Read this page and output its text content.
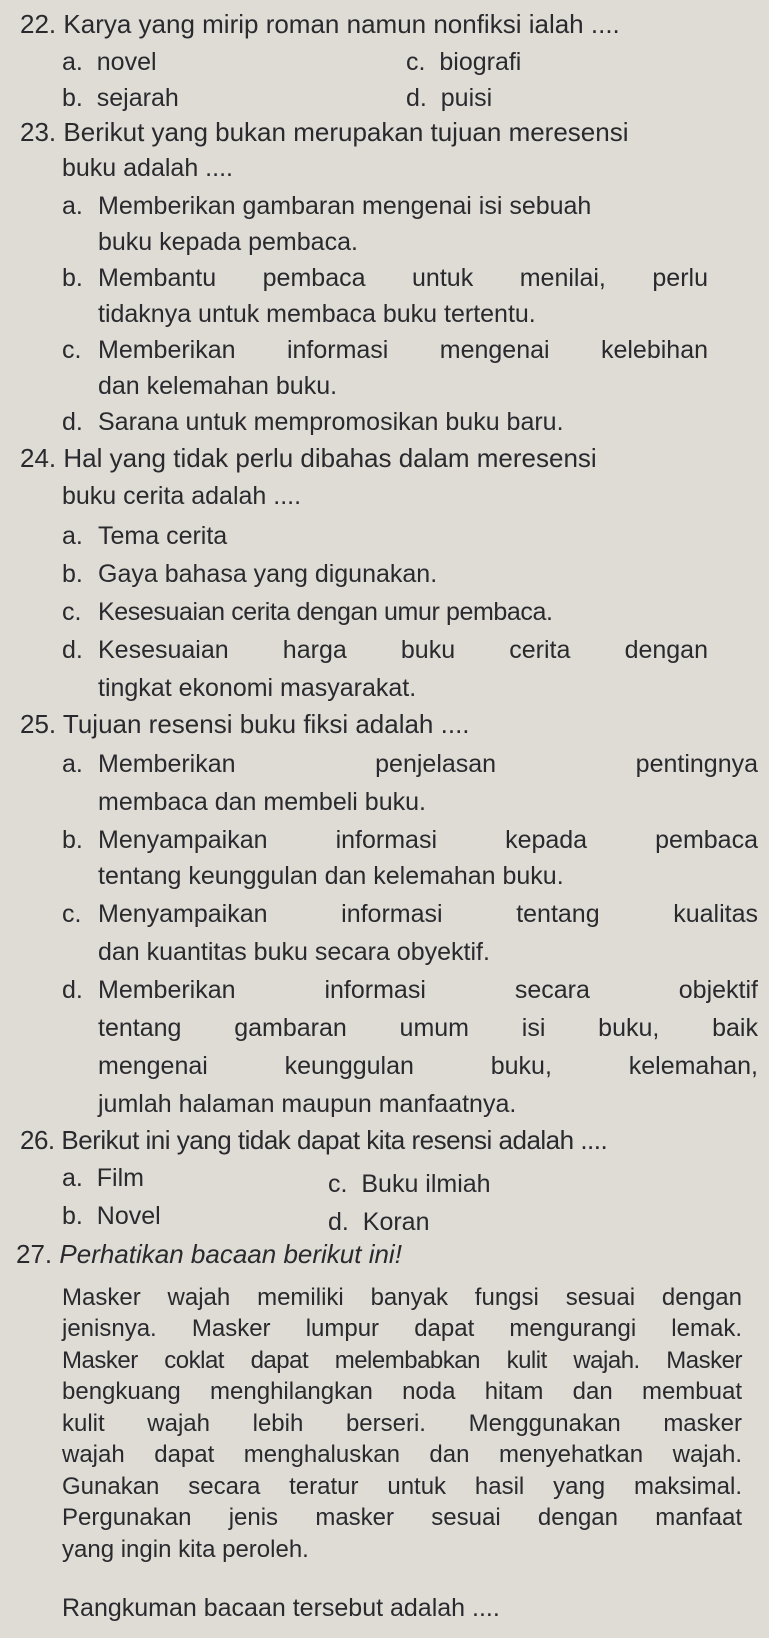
22. Karya yang mirip roman namun nonfiksi ialah ....
a. novel	c. biografi
b. sejarah	d. puisi
23. Berikut yang bukan merupakan tujuan meresensi
buku adalah ....
a. Memberikan gambaran mengenai isi sebuah
buku kepada pembaca.
b. Membantu pembaca untuk menilai, perlu
tidaknya untuk membaca buku tertentu.
c. Memberikan informasi mengenai kelebihan
dan kelemahan buku.
d. Sarana untuk mempromosikan buku baru.
24. Hal yang tidak perlu dibahas dalam meresensi
buku cerita adalah ....
a. Tema cerita
b. Gaya bahasa yang digunakan.
c. Kesesuaian cerita dengan umur pembaca.
d. Kesesuaian harga buku cerita dengan
tingkat ekonomi masyarakat.
25. Tujuan resensi buku fiksi adalah ....
a. Memberikan penjelasan pentingnya
membaca dan membeli buku.
b. Menyampaikan informasi kepada pembaca
tentang keunggulan dan kelemahan buku.
c. Menyampaikan informasi tentang kualitas
dan kuantitas buku secara obyektif.
d. Memberikan informasi secara objektif
tentang gambaran umum isi buku, baik
mengenai keunggulan buku, kelemahan,
jumlah halaman maupun manfaatnya.
26. Berikut ini yang tidak dapat kita resensi adalah ....
a. Film	c. Buku ilmiah
b. Novel	d. Koran
27. Perhatikan bacaan berikut ini!
Masker wajah memiliki banyak fungsi sesuai dengan
jenisnya. Masker lumpur dapat mengurangi lemak.
Masker coklat dapat melembabkan kulit wajah. Masker
bengkuang menghilangkan noda hitam dan membuat
kulit wajah lebih berseri. Menggunakan masker
wajah dapat menghaluskan dan menyehatkan wajah.
Gunakan secara teratur untuk hasil yang maksimal.
Pergunakan jenis masker sesuai dengan manfaat
yang ingin kita peroleh.
Rangkuman bacaan tersebut adalah ....
